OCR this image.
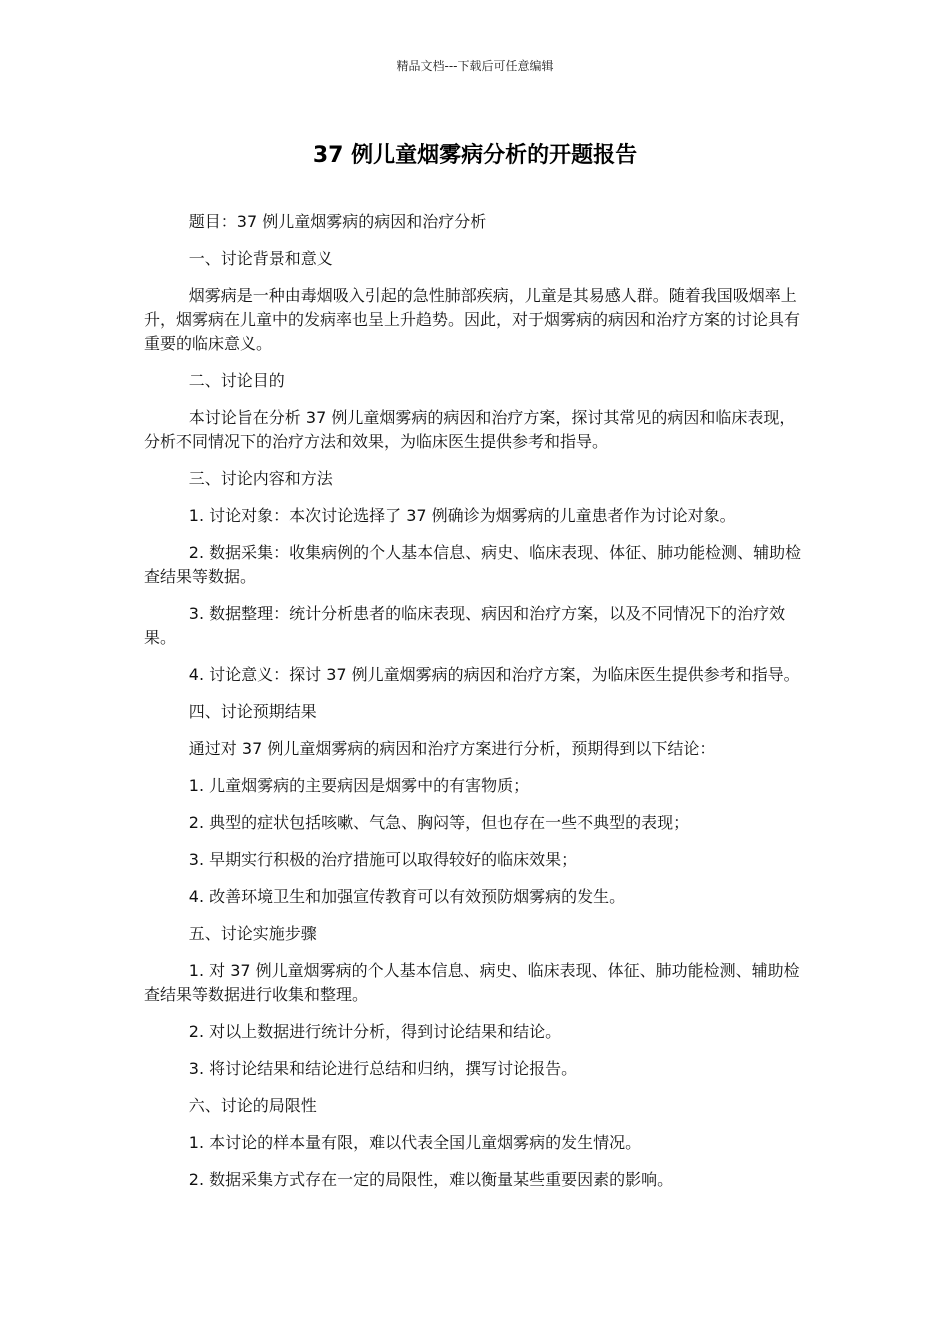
精品文档---下载后可任意编辑
37 例儿童烟雾病分析的开题报告

题目：37 例儿童烟雾病的病因和治疗分析

一、讨论背景和意义

烟雾病是一种由毒烟吸入引起的急性肺部疾病，儿童是其易感人群。随着我国吸烟率上升，烟雾病在儿童中的发病率也呈上升趋势。因此，对于烟雾病的病因和治疗方案的讨论具有重要的临床意义。

二、讨论目的

本讨论旨在分析 37 例儿童烟雾病的病因和治疗方案，探讨其常见的病因和临床表现，分析不同情况下的治疗方法和效果，为临床医生提供参考和指导。

三、讨论内容和方法

1. 讨论对象：本次讨论选择了 37 例确诊为烟雾病的儿童患者作为讨论对象。

2. 数据采集：收集病例的个人基本信息、病史、临床表现、体征、肺功能检测、辅助检查结果等数据。

3. 数据整理：统计分析患者的临床表现、病因和治疗方案，以及不同情况下的治疗效果。

4. 讨论意义：探讨 37 例儿童烟雾病的病因和治疗方案，为临床医生提供参考和指导。

四、讨论预期结果

通过对 37 例儿童烟雾病的病因和治疗方案进行分析，预期得到以下结论：

1. 儿童烟雾病的主要病因是烟雾中的有害物质；

2. 典型的症状包括咳嗽、气急、胸闷等，但也存在一些不典型的表现；

3. 早期实行积极的治疗措施可以取得较好的临床效果；

4. 改善环境卫生和加强宣传教育可以有效预防烟雾病的发生。

五、讨论实施步骤

1. 对 37 例儿童烟雾病的个人基本信息、病史、临床表现、体征、肺功能检测、辅助检查结果等数据进行收集和整理。

2. 对以上数据进行统计分析，得到讨论结果和结论。

3. 将讨论结果和结论进行总结和归纳，撰写讨论报告。

六、讨论的局限性

1. 本讨论的样本量有限，难以代表全国儿童烟雾病的发生情况。

2. 数据采集方式存在一定的局限性，难以衡量某些重要因素的影响。
